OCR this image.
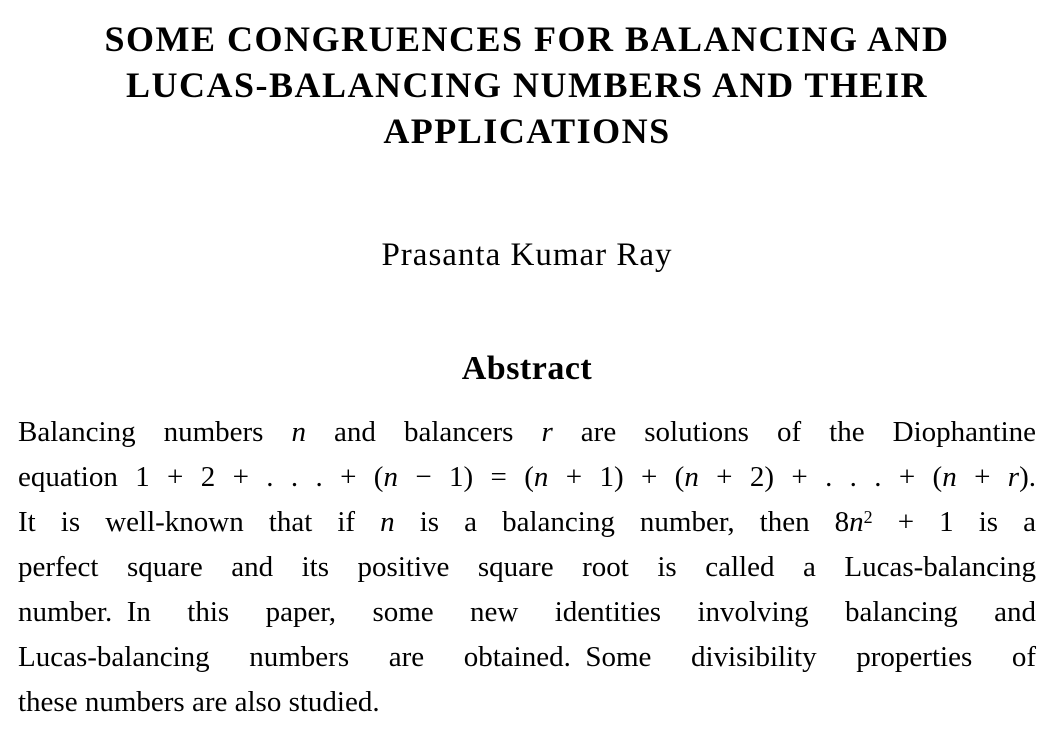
SOME CONGRUENCES FOR BALANCING AND
LUCAS-BALANCING NUMBERS AND THEIR
APPLICATIONS
Prasanta Kumar Ray
Abstract
Balancing numbers n and balancers r are solutions of the Diophantine
equation 1 + 2 + . . . + (n − 1) = (n + 1) + (n + 2) + . . . + (n + r).
It is well-known that if n is a balancing number, then $8n^2 + 1$ is a
perfect square and its positive square root is called a Lucas-balancing
number. In this paper, some new identities involving balancing and
Lucas-balancing numbers are obtained. Some divisibility properties of
these numbers are also studied.
